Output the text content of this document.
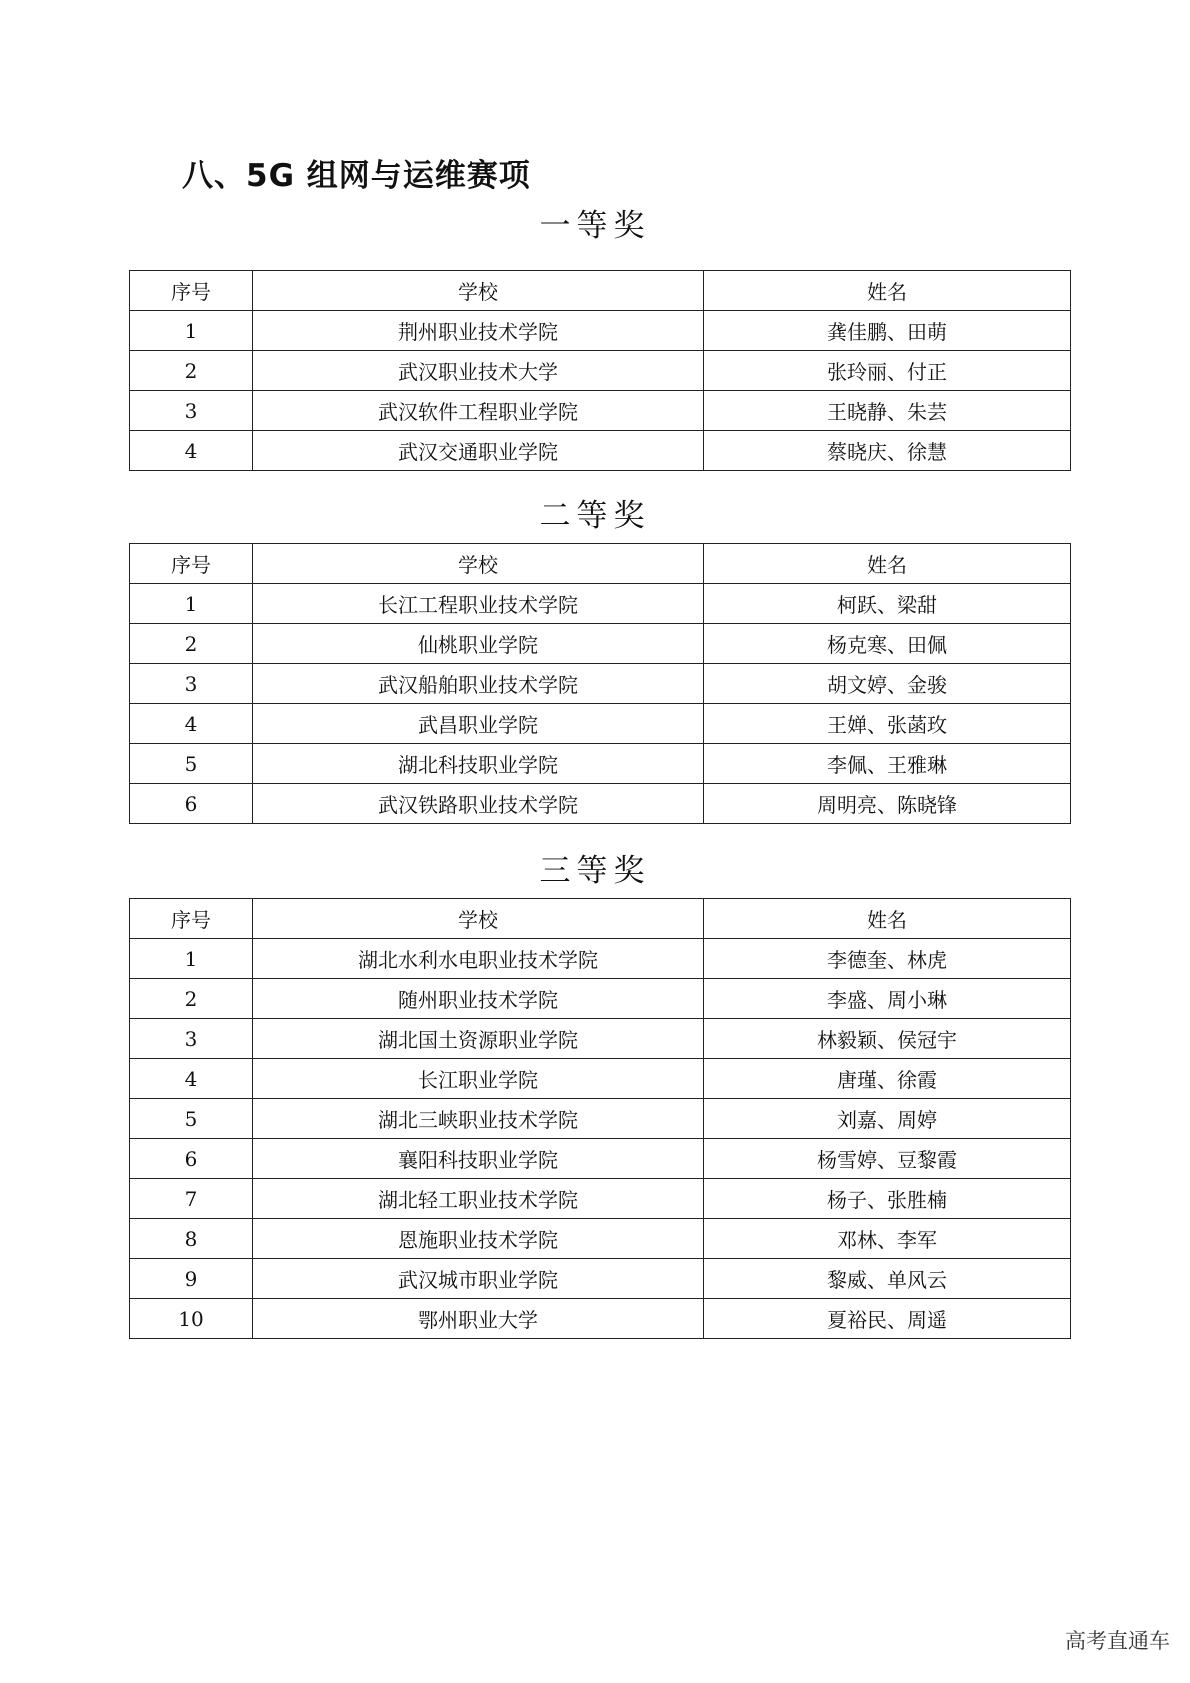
八、5G 组网与运维赛项
一等奖
序号	学校	姓名
1	荆州职业技术学院	龚佳鹏、田萌
2	武汉职业技术大学	张玲丽、付正
3	武汉软件工程职业学院	王晓静、朱芸
4	武汉交通职业学院	蔡晓庆、徐慧
二等奖
序号	学校	姓名
1	长江工程职业技术学院	柯跃、梁甜
2	仙桃职业学院	杨克寒、田佩
3	武汉船舶职业技术学院	胡文婷、金骏
4	武昌职业学院	王婵、张菡玫
5	湖北科技职业学院	李佩、王雅琳
6	武汉铁路职业技术学院	周明亮、陈晓锋
三等奖
序号	学校	姓名
1	湖北水利水电职业技术学院	李德奎、林虎
2	随州职业技术学院	李盛、周小琳
3	湖北国土资源职业学院	林毅颖、侯冠宇
4	长江职业学院	唐瑾、徐霞
5	湖北三峡职业技术学院	刘嘉、周婷
6	襄阳科技职业学院	杨雪婷、豆黎霞
7	湖北轻工职业技术学院	杨子、张胜楠
8	恩施职业技术学院	邓林、李军
9	武汉城市职业学院	黎威、单风云
10	鄂州职业大学	夏裕民、周遥
高考直通车
